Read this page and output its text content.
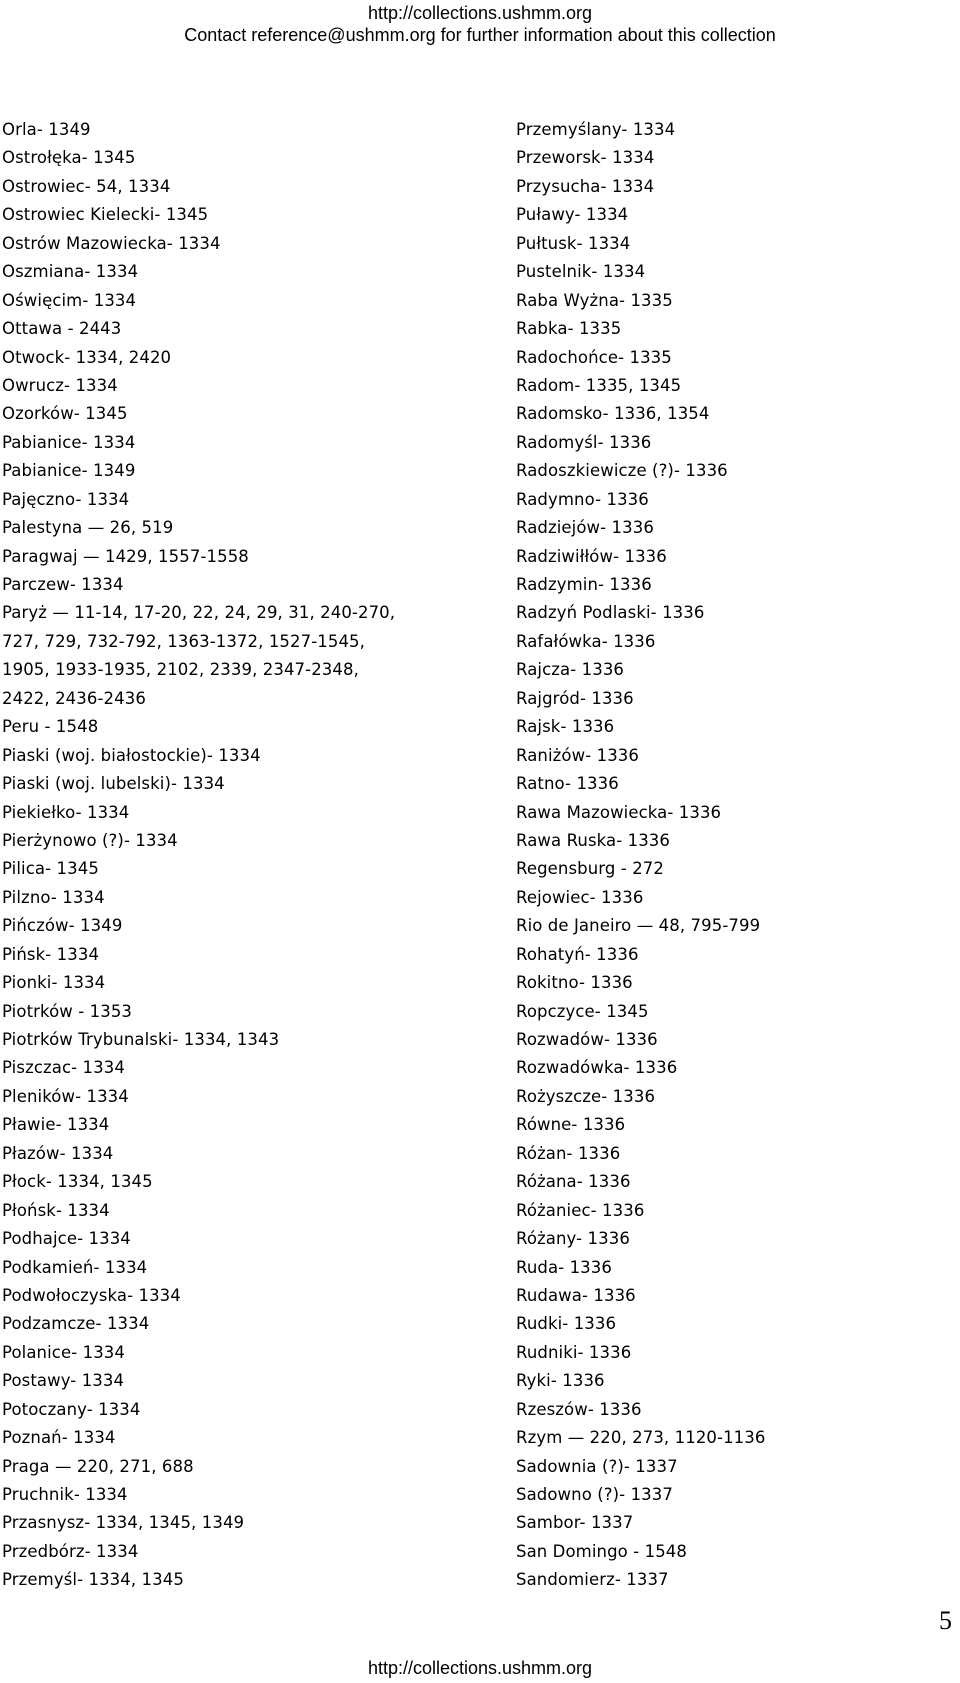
http://collections.ushmm.org
Contact reference@ushmm.org for further information about this collection
Orla- 1349
Ostrołęka- 1345
Ostrowiec- 54, 1334
Ostrowiec Kielecki- 1345
Ostrów Mazowiecka- 1334
Oszmiana- 1334
Oświęcim- 1334
Ottawa - 2443
Otwock- 1334, 2420
Owrucz- 1334
Ozorków- 1345
Pabianice- 1334
Pabianice- 1349
Pajęczno- 1334
Palestyna — 26, 519
Paragwaj — 1429, 1557-1558
Parczew- 1334
Paryż — 11-14, 17-20, 22, 24, 29, 31, 240-270,
727, 729, 732-792, 1363-1372, 1527-1545,
1905, 1933-1935, 2102, 2339, 2347-2348,
2422, 2436-2436
Peru - 1548
Piaski (woj. białostockie)- 1334
Piaski (woj. lubelski)- 1334
Piekiełko- 1334
Pierżynowo (?)- 1334
Pilica- 1345
Pilzno- 1334
Pińczów- 1349
Pińsk- 1334
Pionki- 1334
Piotrków - 1353
Piotrków Trybunalski- 1334, 1343
Piszczac- 1334
Pleników- 1334
Pławie- 1334
Płazów- 1334
Płock- 1334, 1345
Płońsk- 1334
Podhajce- 1334
Podkamień- 1334
Podwołoczyska- 1334
Podzamcze- 1334
Polanice- 1334
Postawy- 1334
Potoczany- 1334
Poznań- 1334
Praga — 220, 271, 688
Pruchnik- 1334
Przasnysz- 1334, 1345, 1349
Przedbórz- 1334
Przemyśl- 1334, 1345
Przemyślany- 1334
Przeworsk- 1334
Przysucha- 1334
Puławy- 1334
Pułtusk- 1334
Pustelnik- 1334
Raba Wyżna- 1335
Rabka- 1335
Radochońce- 1335
Radom- 1335, 1345
Radomsko- 1336, 1354
Radomyśl- 1336
Radoszkiewicze (?)- 1336
Radymno- 1336
Radziejów- 1336
Radziwiłłów- 1336
Radzymin- 1336
Radzyń Podlaski- 1336
Rafałówka- 1336
Rajcza- 1336
Rajgród- 1336
Rajsk- 1336
Raniżów- 1336
Ratno- 1336
Rawa Mazowiecka- 1336
Rawa Ruska- 1336
Regensburg - 272
Rejowiec- 1336
Rio de Janeiro — 48, 795-799
Rohatyń- 1336
Rokitno- 1336
Ropczyce- 1345
Rozwadów- 1336
Rozwadówka- 1336
Rożyszcze- 1336
Równe- 1336
Różan- 1336
Różana- 1336
Różaniec- 1336
Różany- 1336
Ruda- 1336
Rudawa- 1336
Rudki- 1336
Rudniki- 1336
Ryki- 1336
Rzeszów- 1336
Rzym — 220, 273, 1120-1136
Sadownia (?)- 1337
Sadowno (?)- 1337
Sambor- 1337
San Domingo - 1548
Sandomierz- 1337
5
http://collections.ushmm.org
